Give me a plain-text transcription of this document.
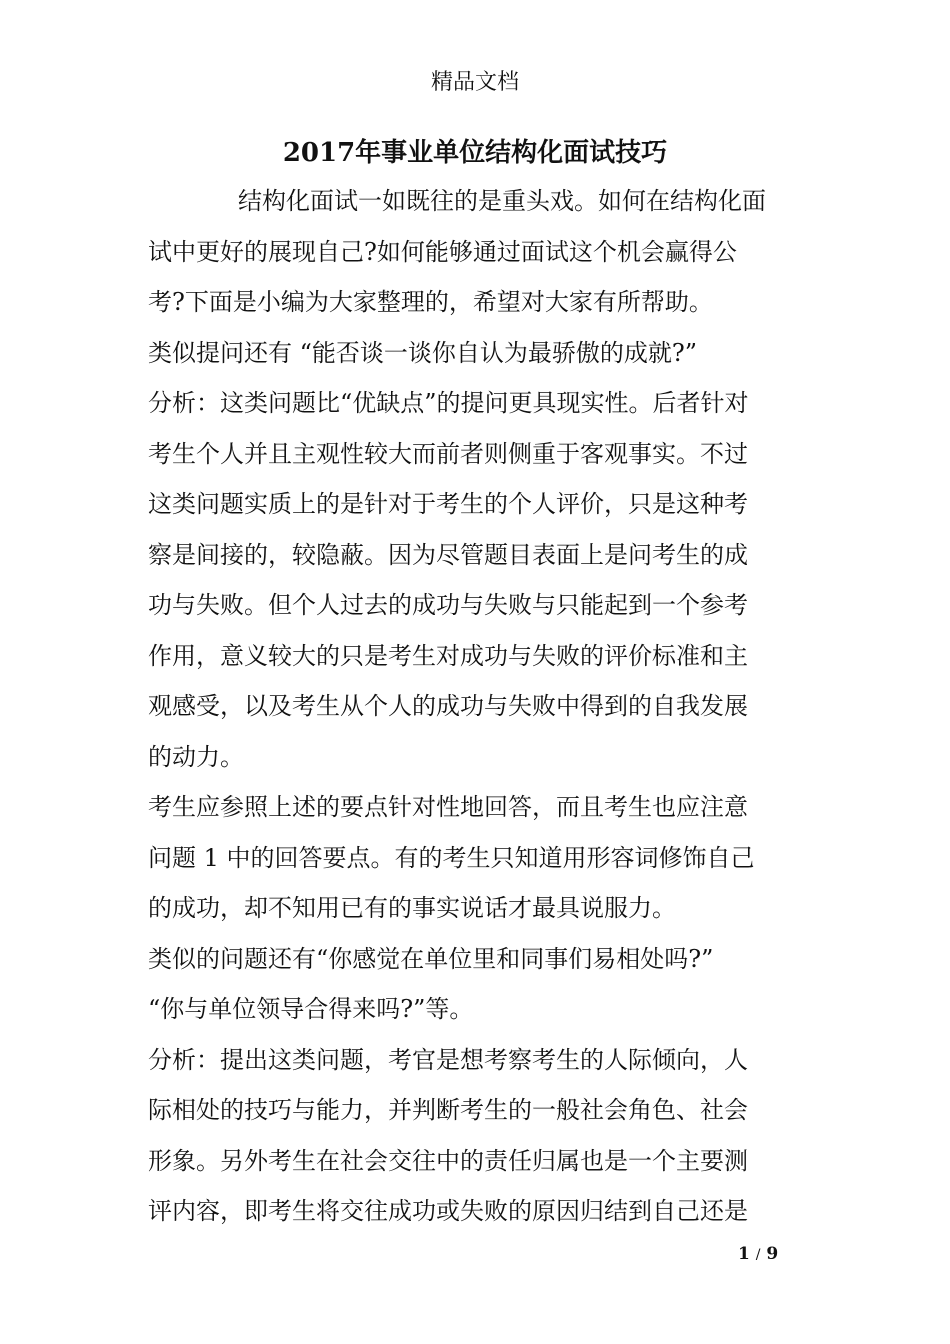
精品文档
2017年事业单位结构化面试技巧
结构化面试一如既往的是重头戏。如何在结构化面
试中更好的展现自己?如何能够通过面试这个机会赢得公
考?下面是小编为大家整理的，希望对大家有所帮助。
类似提问还有 “能否谈一谈你自认为最骄傲的成就?”
分析：这类问题比“优缺点”的提问更具现实性。后者针对
考生个人并且主观性较大而前者则侧重于客观事实。不过
这类问题实质上的是针对于考生的个人评价，只是这种考
察是间接的，较隐蔽。因为尽管题目表面上是问考生的成
功与失败。但个人过去的成功与失败与只能起到一个参考
作用，意义较大的只是考生对成功与失败的评价标准和主
观感受，以及考生从个人的成功与失败中得到的自我发展
的动力。
考生应参照上述的要点针对性地回答，而且考生也应注意
问题 1 中的回答要点。有的考生只知道用形容词修饰自己
的成功，却不知用已有的事实说话才最具说服力。
类似的问题还有“你感觉在单位里和同事们易相处吗?”
“你与单位领导合得来吗?”等。
分析：提出这类问题，考官是想考察考生的人际倾向，人
际相处的技巧与能力，并判断考生的一般社会角色、社会
形象。另外考生在社会交往中的责任归属也是一个主要测
评内容，即考生将交往成功或失败的原因归结到自己还是
1 / 9
